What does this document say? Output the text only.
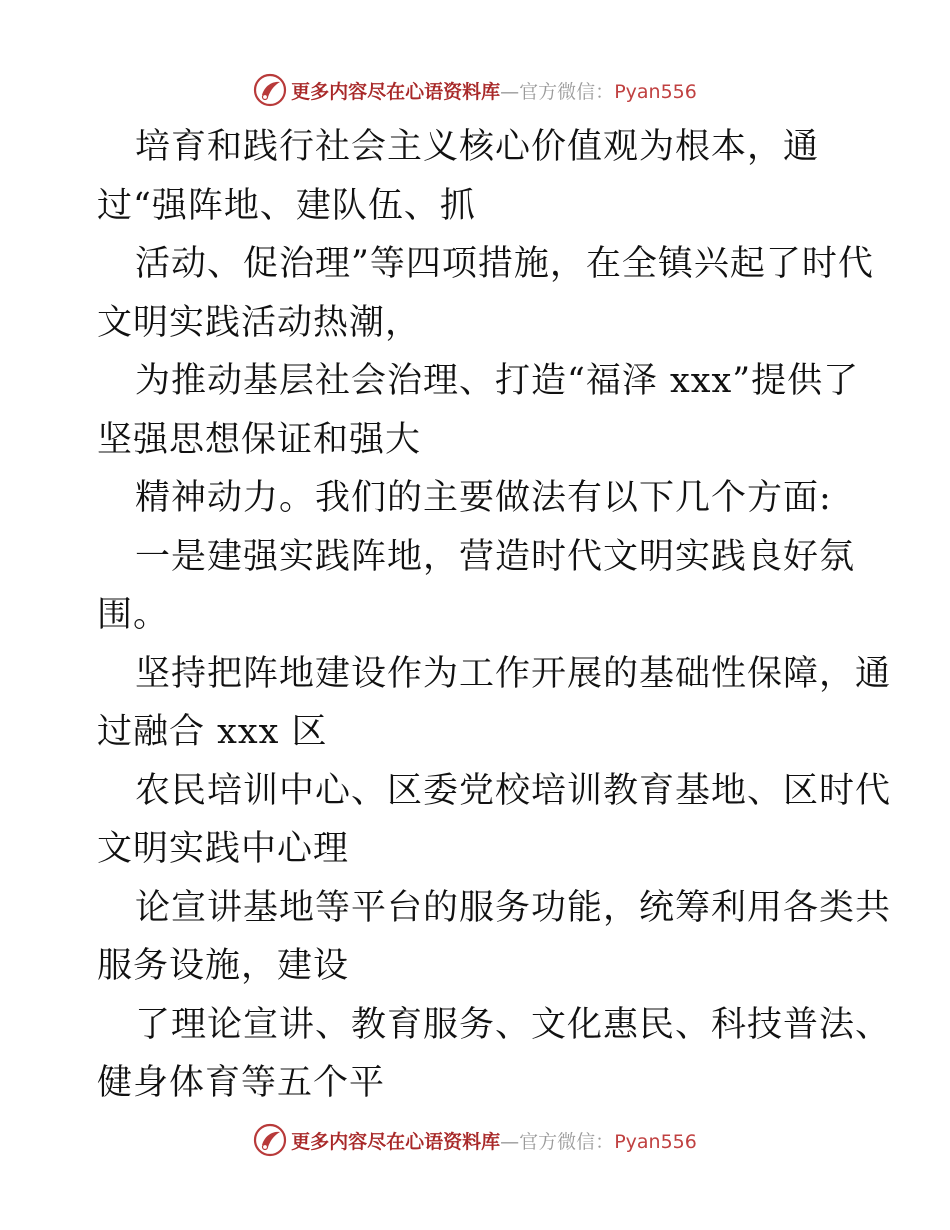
更多内容尽在心语资料库—官方微信：Pyan556
培育和践行社会主义核心价值观为根本，通
过“强阵地、建队伍、抓
活动、促治理”等四项措施，在全镇兴起了时代
文明实践活动热潮，
为推动基层社会治理、打造“福泽 xxx”提供了
坚强思想保证和强大
精神动力。我们的主要做法有以下几个方面:
一是建强实践阵地，营造时代文明实践良好氛
围。
坚持把阵地建设作为工作开展的基础性保障，通
过融合 xxx 区
农民培训中心、区委党校培训教育基地、区时代
文明实践中心理
论宣讲基地等平台的服务功能，统筹利用各类共
服务设施，建设
了理论宣讲、教育服务、文化惠民、科技普法、
健身体育等五个平
更多内容尽在心语资料库—官方微信：Pyan556
